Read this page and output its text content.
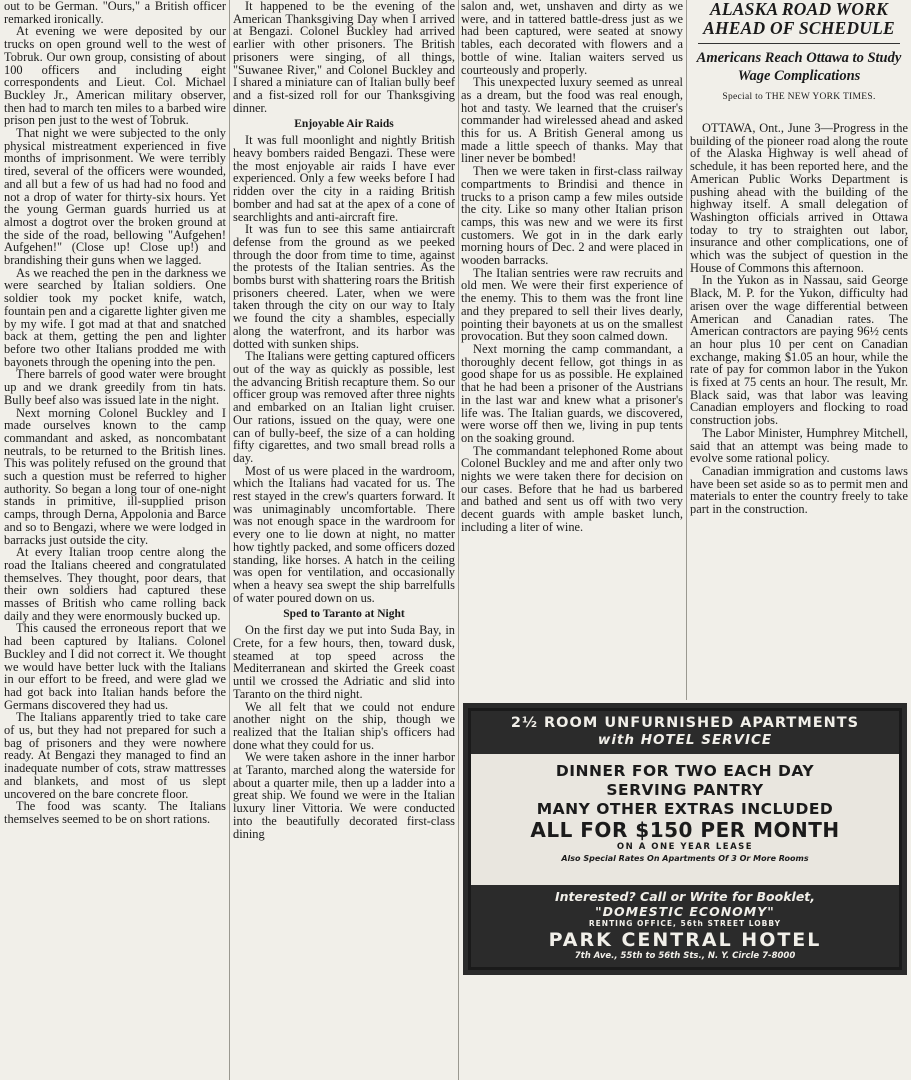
out to be German. "Ours," a British officer remarked ironically.

At evening we were deposited by our trucks on open ground well to the west of Tobruk. Our own group, consisting of about 100 officers and including eight correspondents and Lieut. Col. Michael Buckley Jr., American military observer, then had to march ten miles to a barbed wire prison pen just to the west of Tobruk.

That night we were subjected to the only physical mistreatment experienced in five months of imprisonment. We were terribly tired, several of the officers were wounded, and all but a few of us had had no food and not a drop of water for thirty-six hours. Yet the young German guards hurried us at almost a dogtrot over the broken ground at the side of the road, bellowing "Aufgehen! Aufgehen!" (Close up! Close up!) and brandishing their guns when we lagged.

As we reached the pen in the darkness we were searched by Italian soldiers. One soldier took my pocket knife, watch, fountain pen and a cigarette lighter given me by my wife. I got mad at that and snatched back at them, getting the pen and lighter before two other Italians prodded me with bayonets through the opening into the pen.

There barrels of good water were brought up and we drank greedily from tin hats. Bully beef also was issued late in the night.

Next morning Colonel Buckley and I made ourselves known to the camp commandant and asked, as noncombatant neutrals, to be returned to the British lines. This was politely refused on the ground that such a question must be referred to higher authority. So began a long tour of one-night stands in primitive, ill-supplied prison camps, through Derna, Appolonia and Barce and so to Bengazi, where we were lodged in barracks just outside the city.

At every Italian troop centre along the road the Italians cheered and congratulated themselves. They thought, poor dears, that their own soldiers had captured these masses of British who came rolling back daily and they were enormously bucked up.

This caused the erroneous report that we had been captured by Italians. Colonel Buckley and I did not correct it. We thought we would have better luck with the Italians in our effort to be freed, and were glad we had got back into Italian hands before the Germans discovered they had us.

The Italians apparently tried to take care of us, but they had not prepared for such a bag of prisoners and they were nowhere ready. At Bengazi they managed to find an inadequate number of cots, straw mattresses and blankets, and most of us slept uncovered on the bare concrete floor.

The food was scanty. The Italians themselves seemed to be on short rations.

It happened to be the evening of the American Thanksgiving Day when I arrived at Bengazi. Colonel Buckley had arrived earlier with other prisoners. The British prisoners were singing, of all things, "Suwanee River," and Colonel Buckley and I shared a miniature can of Italian bully beef and a fist-sized roll for our Thanksgiving dinner.

Enjoyable Air Raids

It was full moonlight and nightly British heavy bombers raided Bengazi. These were the most enjoyable air raids I have ever experienced. Only a few weeks before I had ridden over the city in a raiding British bomber and had sat at the apex of a cone of searchlights and anti-aircraft fire.

It was fun to see this same antiaircraft defense from the ground as we peeked through the door from time to time, against the protests of the Italian sentries. As the bombs burst with shattering roars the British prisoners cheered. Later, when we were taken through the city on our way to Italy we found the city a shambles, especially along the waterfront, and its harbor was dotted with sunken ships.

The Italians were getting captured officers out of the way as quickly as possible, lest the advancing British recapture them. So our officer group was removed after three nights and embarked on an Italian light cruiser. Our rations, issued on the quay, were one can of bully-beef, the size of a can holding fifty cigarettes, and two small bread rolls a day.

Most of us were placed in the wardroom, which the Italians had vacated for us. The rest stayed in the crew's quarters forward. It was unimaginably uncomfortable. There was not enough space in the wardroom for every one to lie down at night, no matter how tightly packed, and some officers dozed standing, like horses. A hatch in the ceiling was open for ventilation, and occasionally when a heavy sea swept the ship barrelfulls of water poured down on us.

Sped to Taranto at Night

On the first day we put into Suda Bay, in Crete, for a few hours, then, toward dusk, steamed at top speed across the Mediterranean and skirted the Greek coast until we crossed the Adriatic and slid into Taranto on the third night.

We all felt that we could not endure another night on the ship, though we realized that the Italian ship's officers had done what they could for us.

We were taken ashore in the inner harbor at Taranto, marched along the waterside for about a quarter mile, then up a ladder into a great ship. We found we were in the Italian luxury liner Vittoria. We were conducted into the beautifully decorated first-class dining

salon and, wet, unshaven and dirty as we were, and in tattered battle-dress just as we had been captured, were seated at snowy tables, each decorated with flowers and a bottle of wine. Italian waiters served us courteously and properly.

This unexpected luxury seemed as unreal as a dream, but the food was real enough, hot and tasty. We learned that the cruiser's commander had wirelessed ahead and asked this for us. A British General among us made a little speech of thanks. May that liner never be bombed!

Then we were taken in first-class railway compartments to Brindisi and thence in trucks to a prison camp a few miles outside the city. Like so many other Italian prison camps, this was new and we were its first customers. We got in in the dark early morning hours of Dec. 2 and were placed in wooden barracks.

The Italian sentries were raw recruits and old men. We were their first experience of the enemy. This to them was the front line and they prepared to sell their lives dearly, pointing their bayonets at us on the smallest provocation. But they soon calmed down.

Next morning the camp commandant, a thoroughly decent fellow, got things in as good shape for us as possible. He explained that he had been a prisoner of the Austrians in the last war and knew what a prisoner's life was. The Italian guards, we discovered, were worse off then we, living in pup tents on the soaking ground.

The commandant telephoned Rome about Colonel Buckley and me and after only two nights we were taken there for decision on our cases. Before that he had us barbered and bathed and sent us off with two very decent guards with ample basket lunch, including a liter of wine.

ALASKA ROAD WORK AHEAD OF SCHEDULE
Americans Reach Ottawa to Study Wage Complications
Special to THE NEW YORK TIMES.

OTTAWA, Ont., June 3—Progress in the building of the pioneer road along the route of the Alaska Highway is well ahead of schedule, it has been reported here, and the American Public Works Department is pushing ahead with the building of the highway itself. A small delegation of Washington officials arrived in Ottawa today to try to straighten out labor, insurance and other complications, one of which was the subject of question in the House of Commons this afternoon.

In the Yukon as in Nassau, said George Black, M. P. for the Yukon, difficulty had arisen over the wage differential between American and Canadian rates. The American contractors are paying 96½ cents an hour plus 10 per cent on Canadian exchange, making $1.05 an hour, while the rate of pay for common labor in the Yukon is fixed at 75 cents an hour. The result, Mr. Black said, was that labor was leaving Canadian employers and flocking to road construction jobs.

The Labor Minister, Humphrey Mitchell, said that an attempt was being made to evolve some rational policy.

Canadian immigration and customs laws have been set aside so as to permit men and materials to enter the country freely to take part in the construction.

2½ ROOM UNFURNISHED APARTMENTS
with HOTEL SERVICE
DINNER FOR TWO EACH DAY
SERVING PANTRY
MANY OTHER EXTRAS INCLUDED
ALL FOR $150 PER MONTH
ON A ONE YEAR LEASE
Also Special Rates On Apartments Of 3 Or More Rooms
Interested? Call or Write for Booklet,
"DOMESTIC ECONOMY"
RENTING OFFICE, 56th STREET LOBBY
PARK CENTRAL HOTEL
7th Ave., 55th to 56th Sts., N. Y. Circle 7-8000
